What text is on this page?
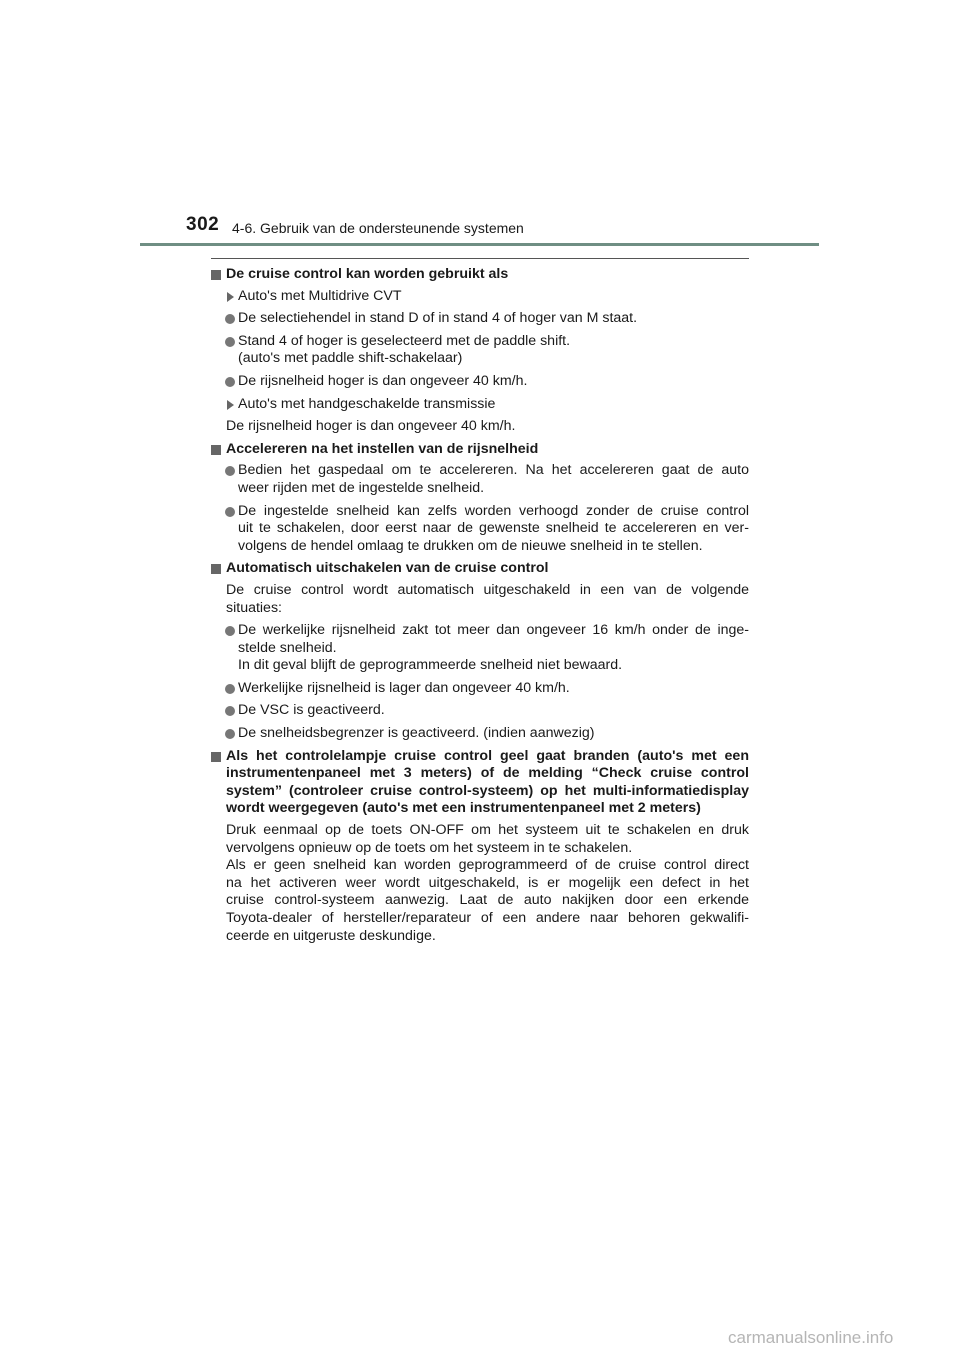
302 4-6. Gebruik van de ondersteunende systemen
De cruise control kan worden gebruikt als
Auto's met Multidrive CVT
De selectiehendel in stand D of in stand 4 of hoger van M staat.
Stand 4 of hoger is geselecteerd met de paddle shift.
(auto's met paddle shift-schakelaar)
De rijsnelheid hoger is dan ongeveer 40 km/h.
Auto's met handgeschakelde transmissie
De rijsnelheid hoger is dan ongeveer 40 km/h.
Accelereren na het instellen van de rijsnelheid
Bedien het gaspedaal om te accelereren. Na het accelereren gaat de auto
weer rijden met de ingestelde snelheid.
De ingestelde snelheid kan zelfs worden verhoogd zonder de cruise control
uit te schakelen, door eerst naar de gewenste snelheid te accelereren en ver-
volgens de hendel omlaag te drukken om de nieuwe snelheid in te stellen.
Automatisch uitschakelen van de cruise control
De cruise control wordt automatisch uitgeschakeld in een van de volgende
situaties:
De werkelijke rijsnelheid zakt tot meer dan ongeveer 16 km/h onder de inge-
stelde snelheid.
In dit geval blijft de geprogrammeerde snelheid niet bewaard.
Werkelijke rijsnelheid is lager dan ongeveer 40 km/h.
De VSC is geactiveerd.
De snelheidsbegrenzer is geactiveerd. (indien aanwezig)
Als het controlelampje cruise control geel gaat branden (auto's met een
instrumentenpaneel met 3 meters) of de melding “Check cruise control
system” (controleer cruise control-systeem) op het multi-informatiedisplay
wordt weergegeven (auto's met een instrumentenpaneel met 2 meters)
Druk eenmaal op de toets ON-OFF om het systeem uit te schakelen en druk
vervolgens opnieuw op de toets om het systeem in te schakelen.
Als er geen snelheid kan worden geprogrammeerd of de cruise control direct
na het activeren weer wordt uitgeschakeld, is er mogelijk een defect in het
cruise control-systeem aanwezig. Laat de auto nakijken door een erkende
Toyota-dealer of hersteller/reparateur of een andere naar behoren gekwalifi-
ceerde en uitgeruste deskundige.
carmanualsonline.info
